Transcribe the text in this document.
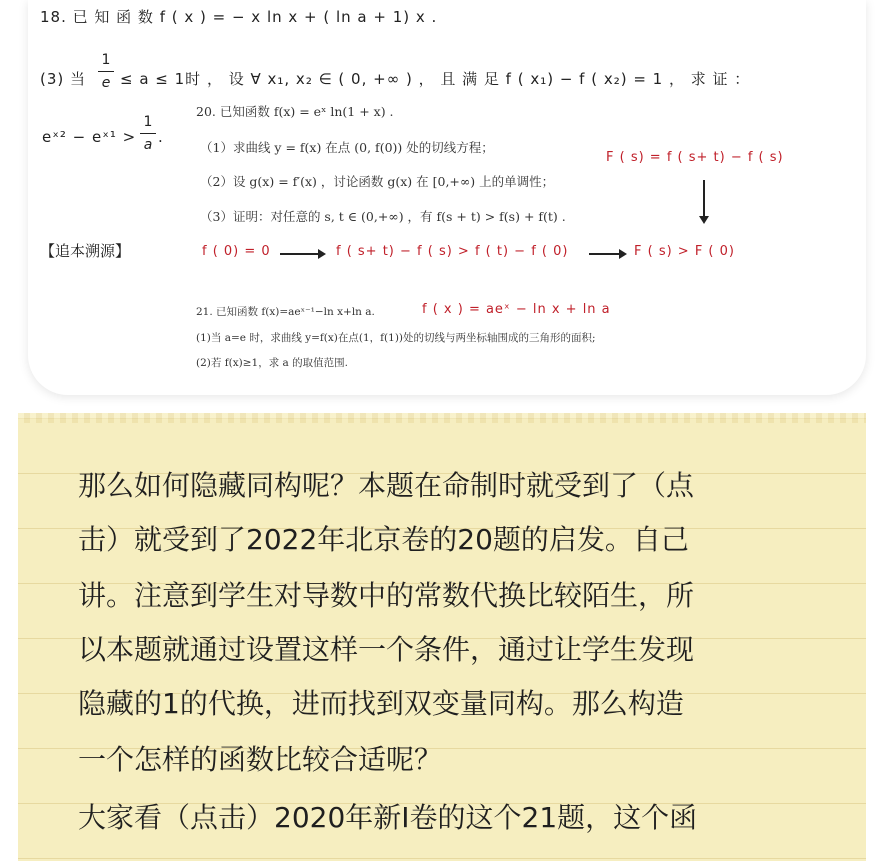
18. 已 知 函 数 f ( x ) = − x ln x + ( ln a + 1) x .
(3) 当
1
e ≤ a ≤ 1时 ， 设 ∀ x₁, x₂ ∈ ( 0, +∞ ) ， 且 满 足 f ( x₁) − f ( x₂) = 1 ， 求 证 ：
eˣ² − eˣ¹ >
1
a .
20. 已知函数 f(x) = eˣ ln(1 + x) .
（1）求曲线 y = f(x) 在点 (0, f(0)) 处的切线方程；
（2）设 g(x) = f′(x) ，讨论函数 g(x) 在 [0,+∞) 上的单调性；
（3）证明：对任意的 s, t ∈ (0,+∞) ，有 f(s + t) > f(s) + f(t) .
F ( s) = f ( s+ t) − f ( s)
【追本溯源】	f ( 0) = 0	f ( s+ t) − f ( s) > f ( t) − f ( 0)	F ( s) > F ( 0)
21. 已知函数 f(x)=aeˣ⁻¹−ln x+ln a.	f ( x ) = aeˣ − ln x + ln a
(1)当 a=e 时，求曲线 y=f(x)在点(1，f(1))处的切线与两坐标轴围成的三角形的面积;
(2)若 f(x)≥1，求 a 的取值范围.
那么如何隐藏同构呢？本题在命制时就受到了（点
击）就受到了2022年北京卷的20题的启发。自己
讲。注意到学生对导数中的常数代换比较陌生，所
以本题就通过设置这样一个条件，通过让学生发现
隐藏的1的代换，进而找到双变量同构。那么构造
一个怎样的函数比较合适呢？
大家看（点击）2020年新I卷的这个21题，这个函
